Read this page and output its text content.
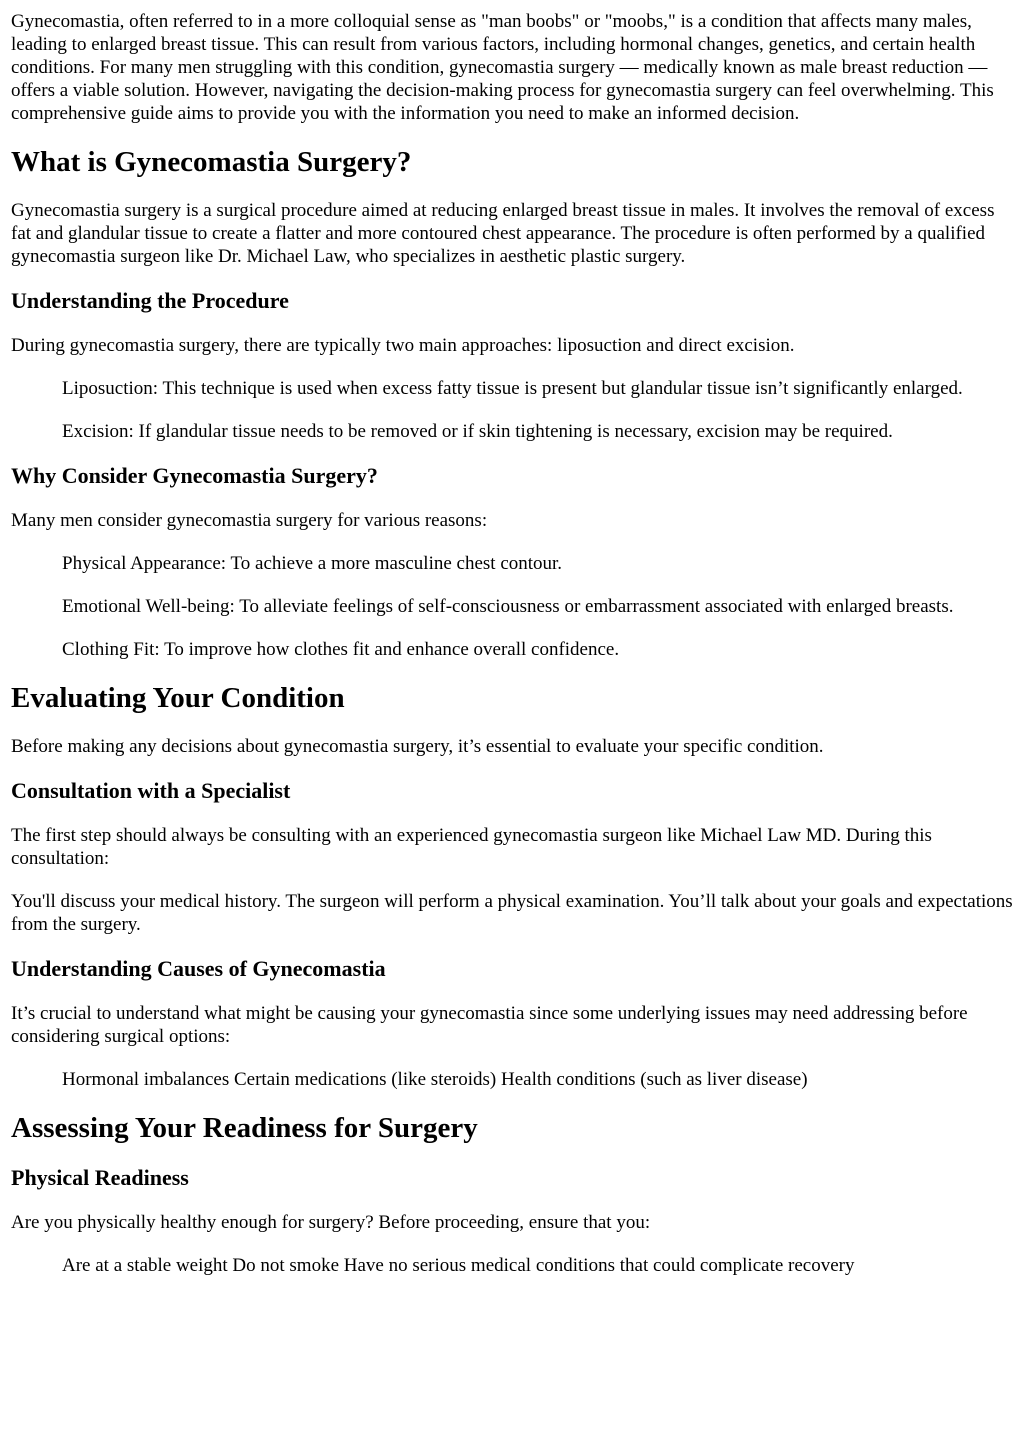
Gynecomastia, often referred to in a more colloquial sense as "man boobs" or "moobs," is a condition that affects many males, leading to enlarged breast tissue. This can result from various factors, including hormonal changes, genetics, and certain health conditions. For many men struggling with this condition, gynecomastia surgery — medically known as male breast reduction — offers a viable solution. However, navigating the decision-making process for gynecomastia surgery can feel overwhelming. This comprehensive guide aims to provide you with the information you need to make an informed decision.

What is Gynecomastia Surgery?

Gynecomastia surgery is a surgical procedure aimed at reducing enlarged breast tissue in males. It involves the removal of excess fat and glandular tissue to create a flatter and more contoured chest appearance. The procedure is often performed by a qualified gynecomastia surgeon like Dr. Michael Law, who specializes in aesthetic plastic surgery.

Understanding the Procedure

During gynecomastia surgery, there are typically two main approaches: liposuction and direct excision.

Liposuction: This technique is used when excess fatty tissue is present but glandular tissue isn’t significantly enlarged.

Excision: If glandular tissue needs to be removed or if skin tightening is necessary, excision may be required.

Why Consider Gynecomastia Surgery?

Many men consider gynecomastia surgery for various reasons:

Physical Appearance: To achieve a more masculine chest contour.

Emotional Well-being: To alleviate feelings of self-consciousness or embarrassment associated with enlarged breasts.

Clothing Fit: To improve how clothes fit and enhance overall confidence.

Evaluating Your Condition

Before making any decisions about gynecomastia surgery, it’s essential to evaluate your specific condition.

Consultation with a Specialist

The first step should always be consulting with an experienced gynecomastia surgeon like Michael Law MD. During this consultation:

You'll discuss your medical history. The surgeon will perform a physical examination. You’ll talk about your goals and expectations from the surgery.

Understanding Causes of Gynecomastia

It’s crucial to understand what might be causing your gynecomastia since some underlying issues may need addressing before considering surgical options:

Hormonal imbalances Certain medications (like steroids) Health conditions (such as liver disease)

Assessing Your Readiness for Surgery
Physical Readiness

Are you physically healthy enough for surgery? Before proceeding, ensure that you:

Are at a stable weight Do not smoke Have no serious medical conditions that could complicate recovery
